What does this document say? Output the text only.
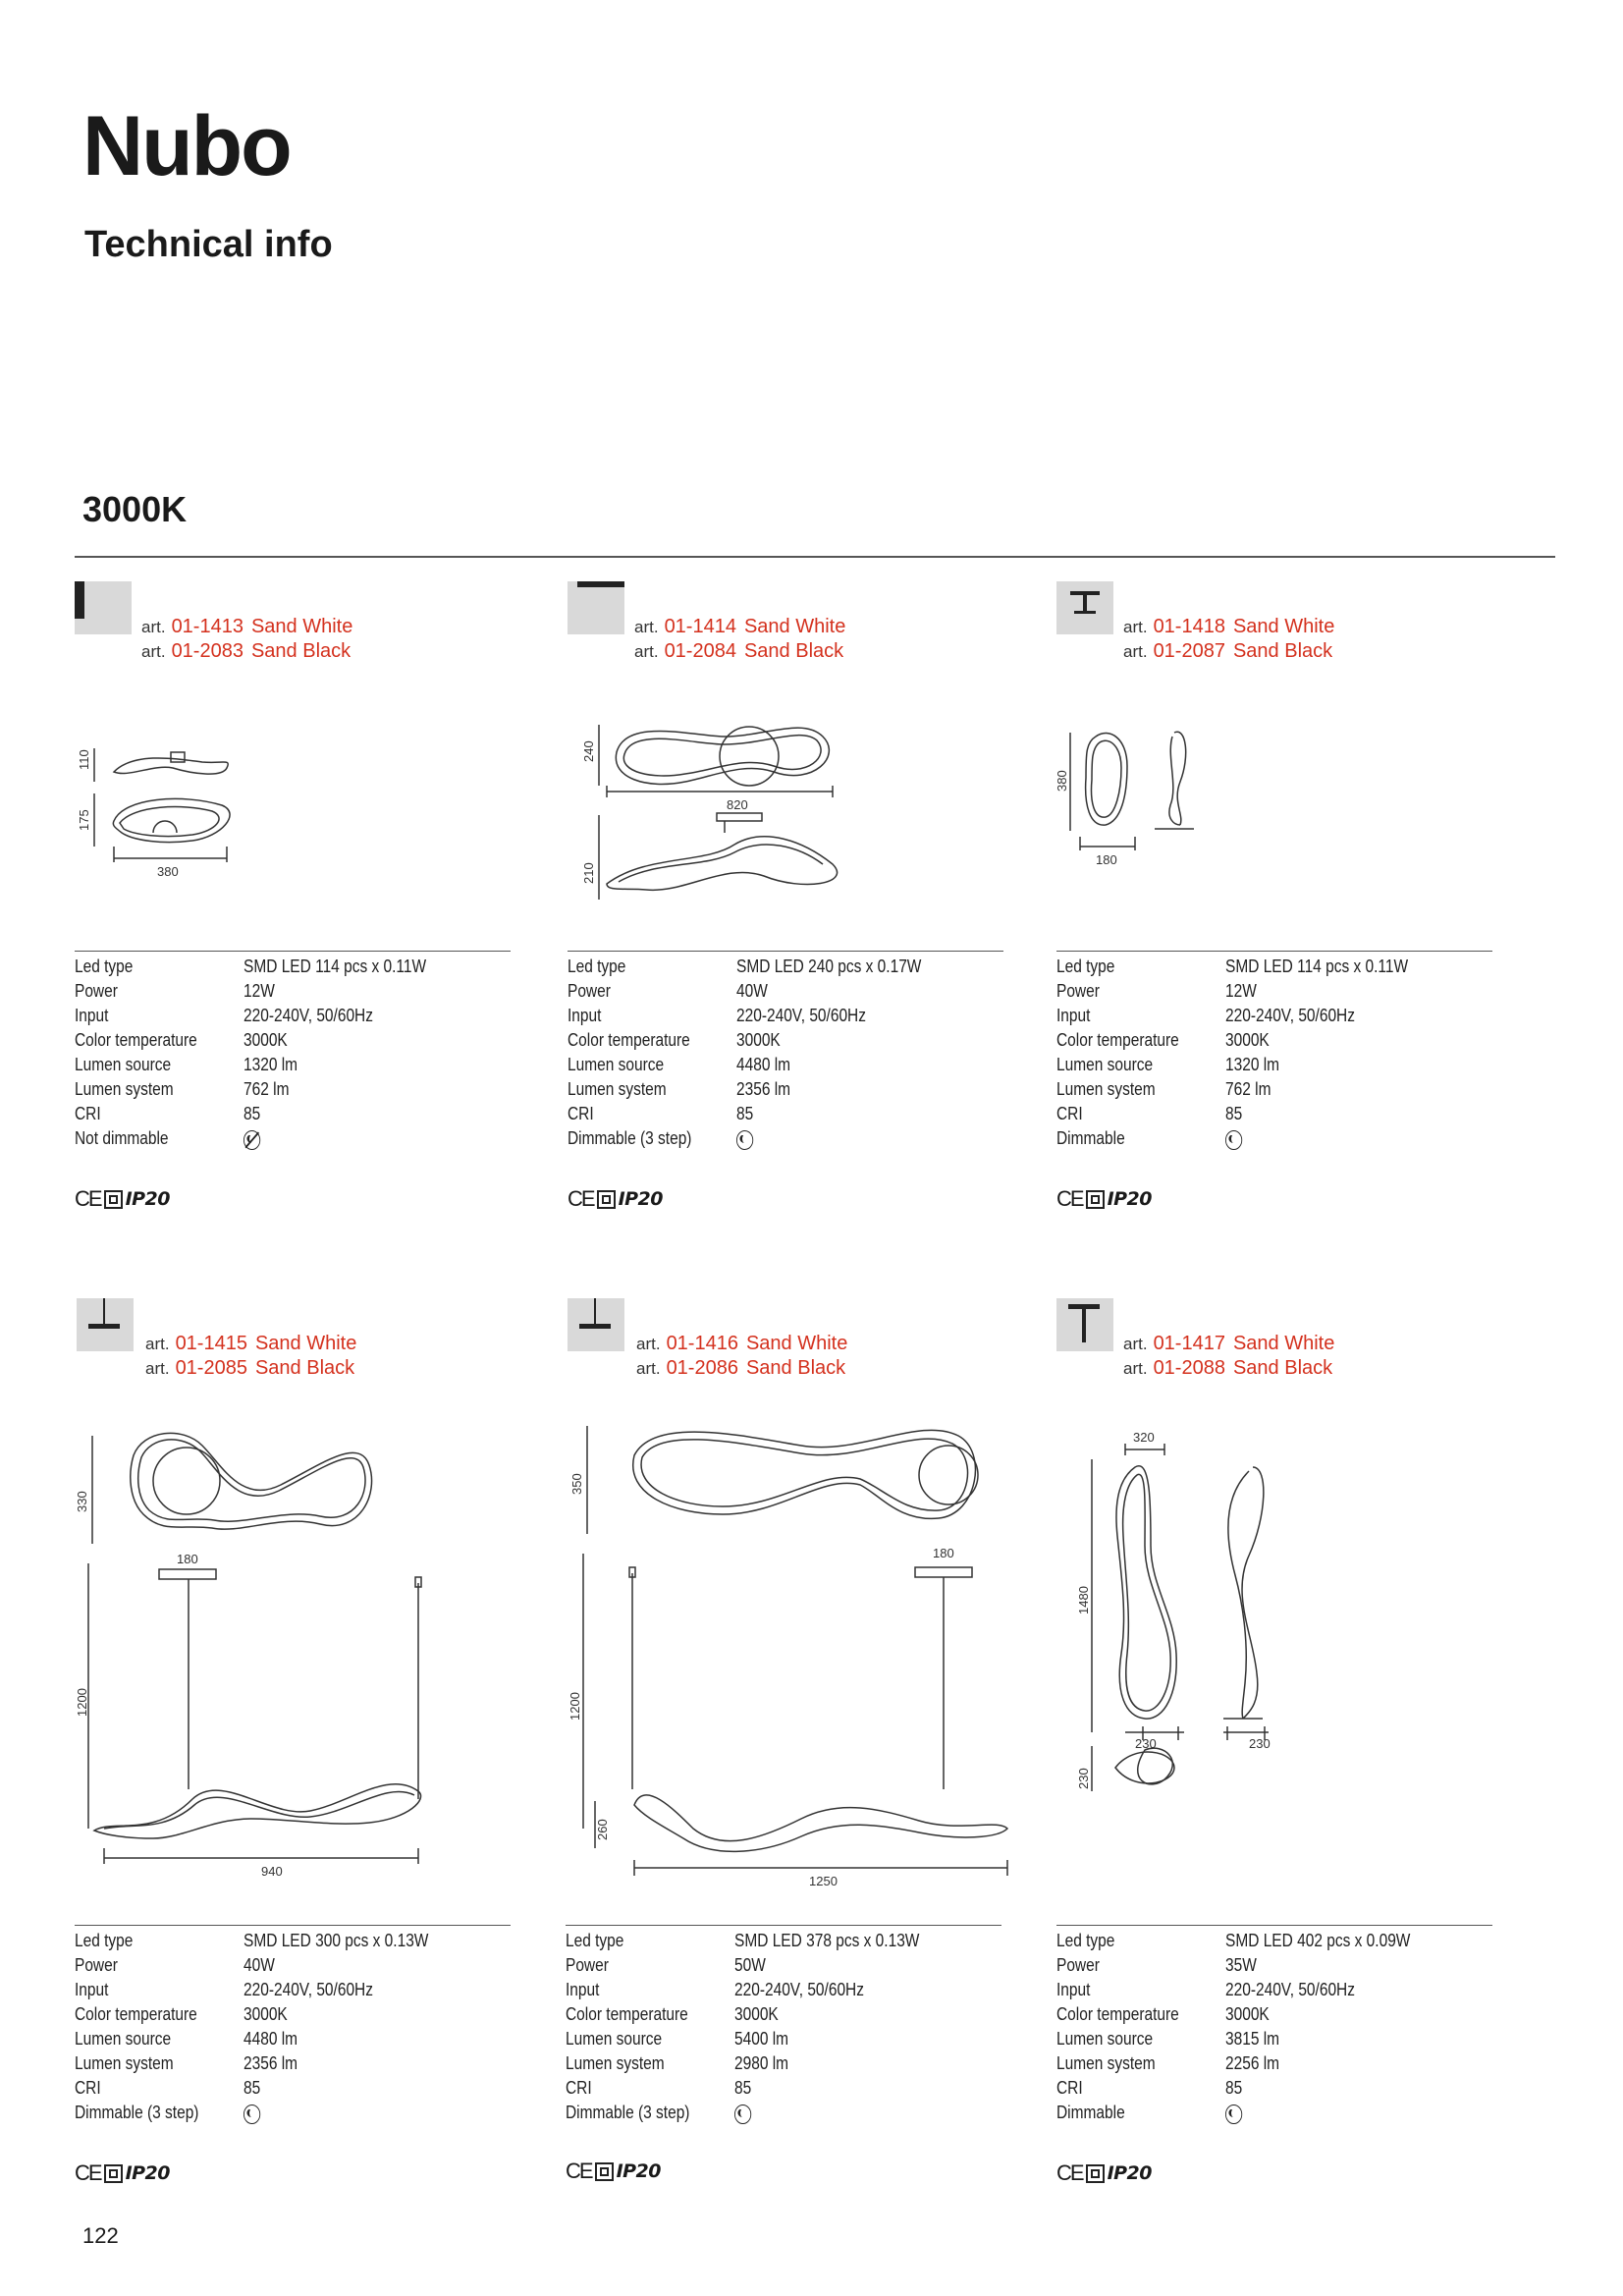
Nubo
Technical info
3000K
art. 01-1413 Sand White
art. 01-2083 Sand Black
110
175
380
Led type	SMD LED 114 pcs x 0.11W
Power	12W
Input	220-240V, 50/60Hz
Color temperature	3000K
Lumen source	1320 lm
Lumen system	762 lm
CRI	85
Not dimmable
CE IP20
art. 01-1414 Sand White
art. 01-2084 Sand Black
240
820
210
Led type	SMD LED 240 pcs x 0.17W
Power	40W
Input	220-240V, 50/60Hz
Color temperature	3000K
Lumen source	4480 lm
Lumen system	2356 lm
CRI	85
Dimmable (3 step)
CE IP20
art. 01-1418 Sand White
art. 01-2087 Sand Black
380
180
Led type	SMD LED 114 pcs x 0.11W
Power	12W
Input	220-240V, 50/60Hz
Color temperature	3000K
Lumen source	1320 lm
Lumen system	762 lm
CRI	85
Dimmable
CE IP20
art. 01-1415 Sand White
art. 01-2085 Sand Black
330
180
1200
940
Led type	SMD LED 300 pcs x 0.13W
Power	40W
Input	220-240V, 50/60Hz
Color temperature	3000K
Lumen source	4480 lm
Lumen system	2356 lm
CRI	85
Dimmable (3 step)
CE IP20
art. 01-1416 Sand White
art. 01-2086 Sand Black
350
180
1200
260
1250
Led type	SMD LED 378 pcs x 0.13W
Power	50W
Input	220-240V, 50/60Hz
Color temperature	3000K
Lumen source	5400 lm
Lumen system	2980 lm
CRI	85
Dimmable (3 step)
CE IP20
art. 01-1417 Sand White
art. 01-2088 Sand Black
320
1480
230	230
230
Led type	SMD LED 402 pcs x 0.09W
Power	35W
Input	220-240V, 50/60Hz
Color temperature	3000K
Lumen source	3815 lm
Lumen system	2256 lm
CRI	85
Dimmable
CE IP20
122
